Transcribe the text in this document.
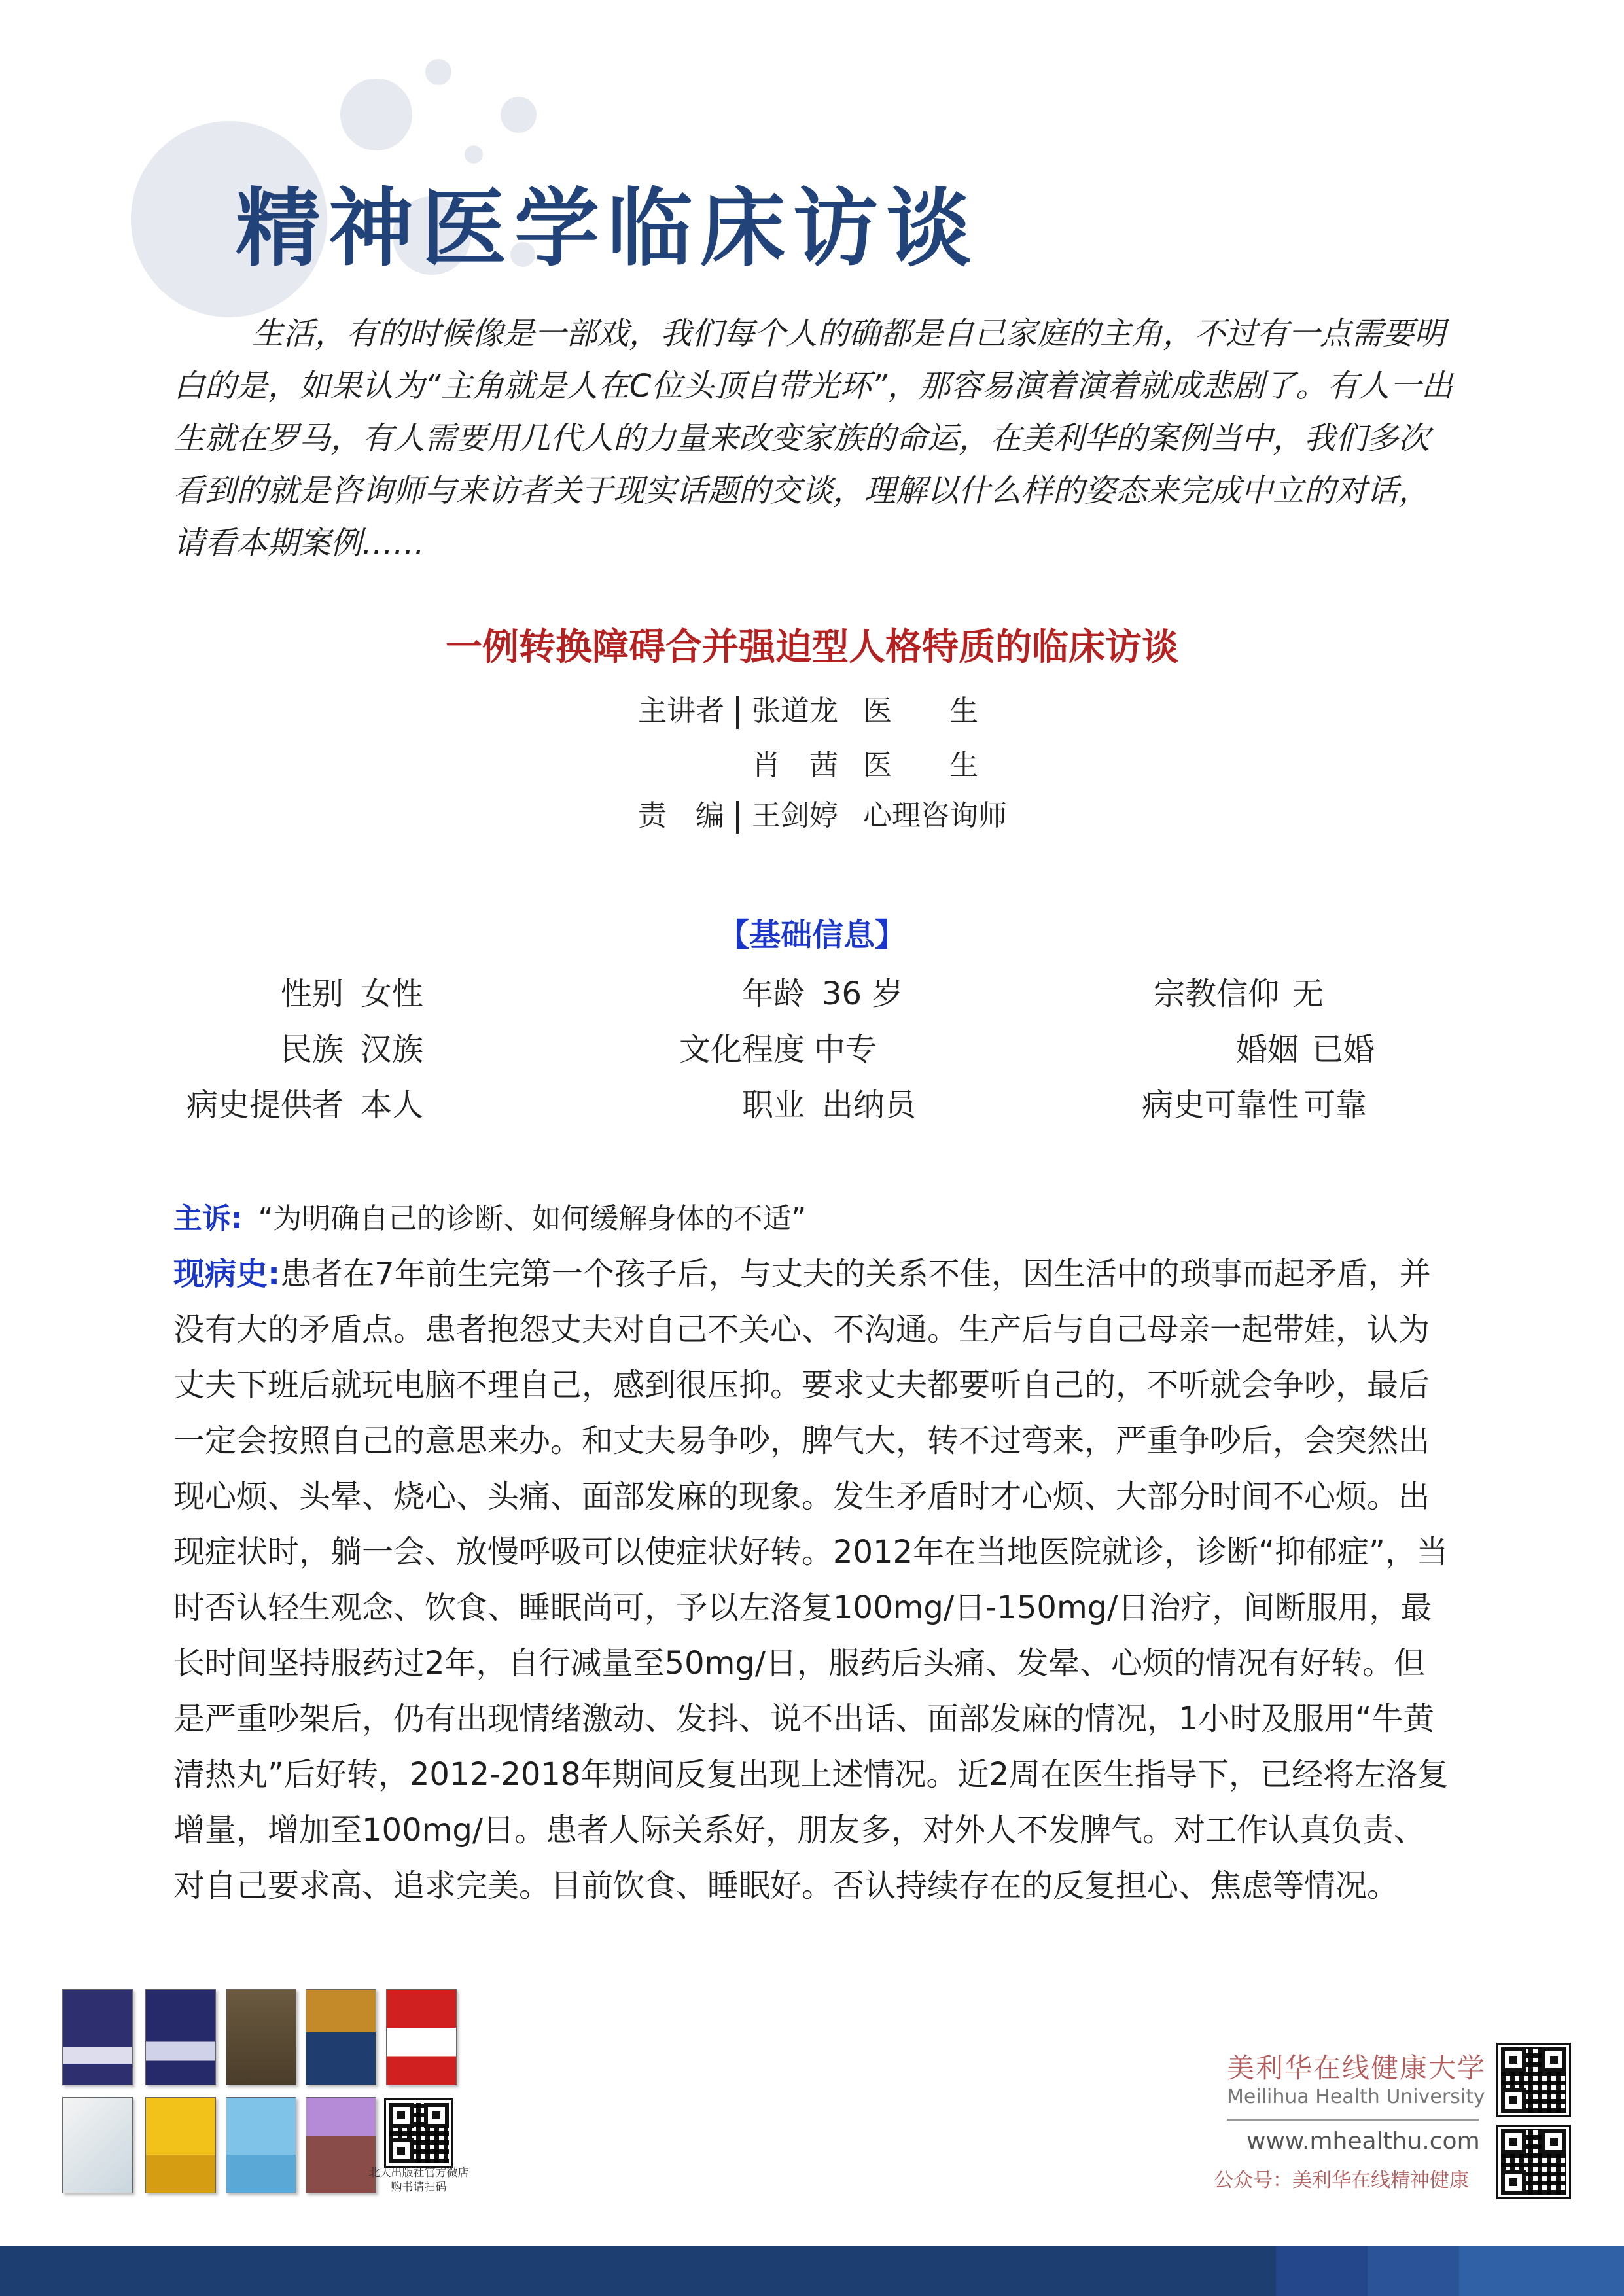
精神医学临床访谈
生活，有的时候像是一部戏，我们每个人的确都是自己家庭的主角，不过有一点需要明白的是，如果认为“主角就是人在C位头顶自带光环”，那容易演着演着就成悲剧了。有人一出生就在罗马，有人需要用几代人的力量来改变家族的命运，在美利华的案例当中，我们多次看到的就是咨询师与来访者关于现实话题的交谈，理解以什么样的姿态来完成中立的对话，请看本期案例……
一例转换障碍合并强迫型人格特质的临床访谈
主讲者 张道龙 医　　生
肖　茜 医　　生
责　编 王剑婷 心理咨询师
【基础信息】
性别 女性	年龄 36 岁	宗教信仰 无
民族 汉族	文化程度 中专	婚姻 已婚
病史提供者 本人	职业 出纳员	病史可靠性 可靠
主诉: “为明确自己的诊断、如何缓解身体的不适”
现病史:患者在7年前生完第一个孩子后，与丈夫的关系不佳，因生活中的琐事而起矛盾，并没有大的矛盾点。患者抱怨丈夫对自己不关心、不沟通。生产后与自己母亲一起带娃，认为丈夫下班后就玩电脑不理自己，感到很压抑。要求丈夫都要听自己的，不听就会争吵，最后一定会按照自己的意思来办。和丈夫易争吵，脾气大，转不过弯来，严重争吵后，会突然出现心烦、头晕、烧心、头痛、面部发麻的现象。发生矛盾时才心烦、大部分时间不心烦。出现症状时，躺一会、放慢呼吸可以使症状好转。2012年在当地医院就诊，诊断“抑郁症”，当时否认轻生观念、饮食、睡眠尚可，予以左洛复100mg/日-150mg/日治疗，间断服用，最长时间坚持服药过2年，自行减量至50mg/日，服药后头痛、发晕、心烦的情况有好转。但是严重吵架后，仍有出现情绪激动、发抖、说不出话、面部发麻的情况，1小时及服用“牛黄清热丸”后好转，2012-2018年期间反复出现上述情况。近2周在医生指导下，已经将左洛复增量，增加至100mg/日。患者人际关系好，朋友多，对外人不发脾气。对工作认真负责、对自己要求高、追求完美。目前饮食、睡眠好。否认持续存在的反复担心、焦虑等情况。
北大出版社官方微店
购书请扫码
美利华在线健康大学
Meilihua Health University
www.mhealthu.com
公众号：美利华在线精神健康
